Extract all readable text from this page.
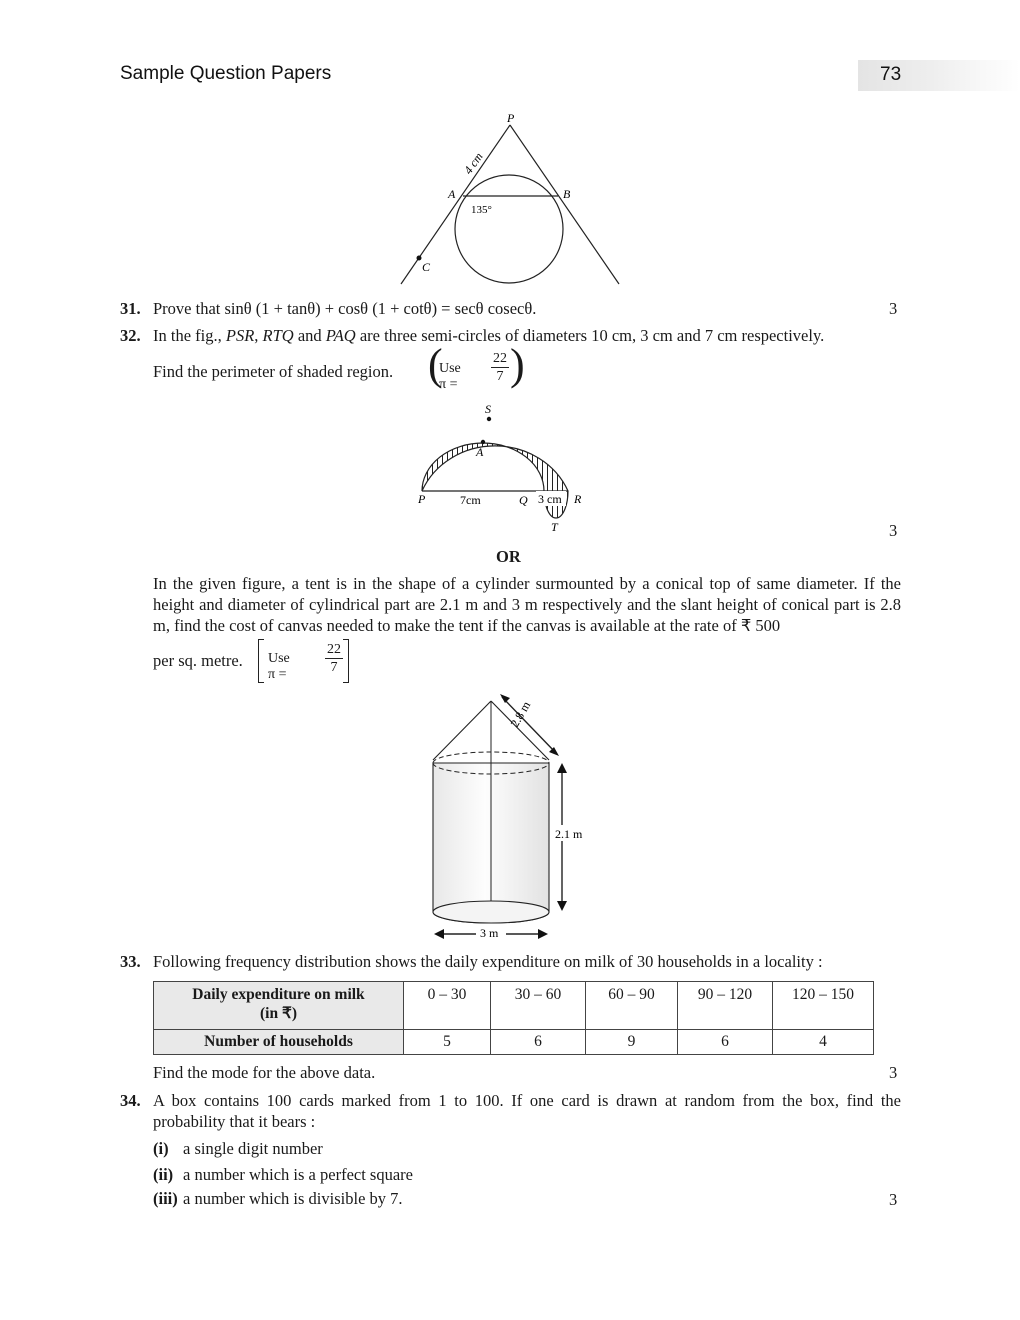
Sample Question Papers	73
P
A	B
C
4 cm
135°
31. Prove that sinθ (1 + tanθ) + cosθ (1 + cotθ) = secθ cosecθ.	3
32. In the fig., PSR, RTQ and PAQ are three semi-circles of diameters 10 cm, 3 cm and 7 cm respectively.
Find the perimeter of shaded region. (
Use $\pi = \frac{22}{7}$ )
S
A
P	7cm	Q 3 cm R
T	3
OR
In the given figure, a tent is in the shape of a cylinder surmounted by a conical top of same diameter. If the height and diameter of cylindrical part are 2.1 m and 3 m respectively and the slant height of conical part is 2.8 m, find the cost of canvas needed to make the tent if the canvas is available at the rate of ₹ 500
per sq. metre. Use π =	$\frac{22}{7}$
2.8 m
2.1 m
3 m
33. Following frequency distribution shows the daily expenditure on milk of 30 households in a locality :
Daily expenditure on milk
(in ₹)	0 – 30	30 – 60	60 – 90	90 – 120	120 – 150
Number of households	5	6	9	6	4
Find the mode for the above data.	3
34. A box contains 100 cards marked from 1 to 100. If one card is drawn at random from the box, find the probability that it bears :
(i) a single digit number
(ii) a number which is a perfect square
(iii) a number which is divisible by 7.	3
